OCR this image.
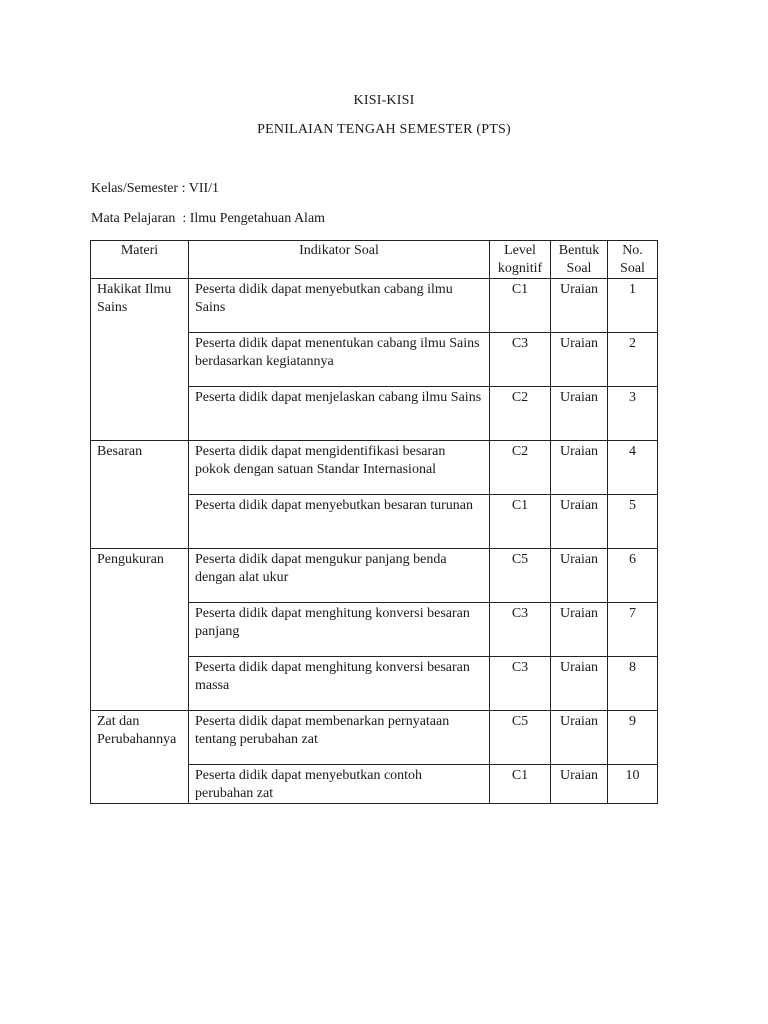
KISI-KISI
PENILAIAN TENGAH SEMESTER (PTS)
Kelas/Semester : VII/1
Mata Pelajaran  : Ilmu Pengetahuan Alam
Materi	Indikator Soal	Level kognitif	Bentuk Soal	No. Soal
Hakikat Ilmu Sains	Peserta didik dapat menyebutkan cabang ilmu Sains	C1	Uraian	1
	Peserta didik dapat menentukan cabang ilmu Sains berdasarkan kegiatannya	C3	Uraian	2
	Peserta didik dapat menjelaskan cabang ilmu Sains	C2	Uraian	3
Besaran	Peserta didik dapat mengidentifikasi besaran pokok dengan satuan Standar Internasional	C2	Uraian	4
	Peserta didik dapat menyebutkan besaran turunan	C1	Uraian	5
Pengukuran	Peserta didik dapat mengukur panjang benda dengan alat ukur	C5	Uraian	6
	Peserta didik dapat menghitung konversi besaran panjang	C3	Uraian	7
	Peserta didik dapat menghitung konversi besaran massa	C3	Uraian	8
Zat dan Perubahannya	Peserta didik dapat membenarkan pernyataan tentang perubahan zat	C5	Uraian	9
	Peserta didik dapat menyebutkan contoh perubahan zat	C1	Uraian	10
